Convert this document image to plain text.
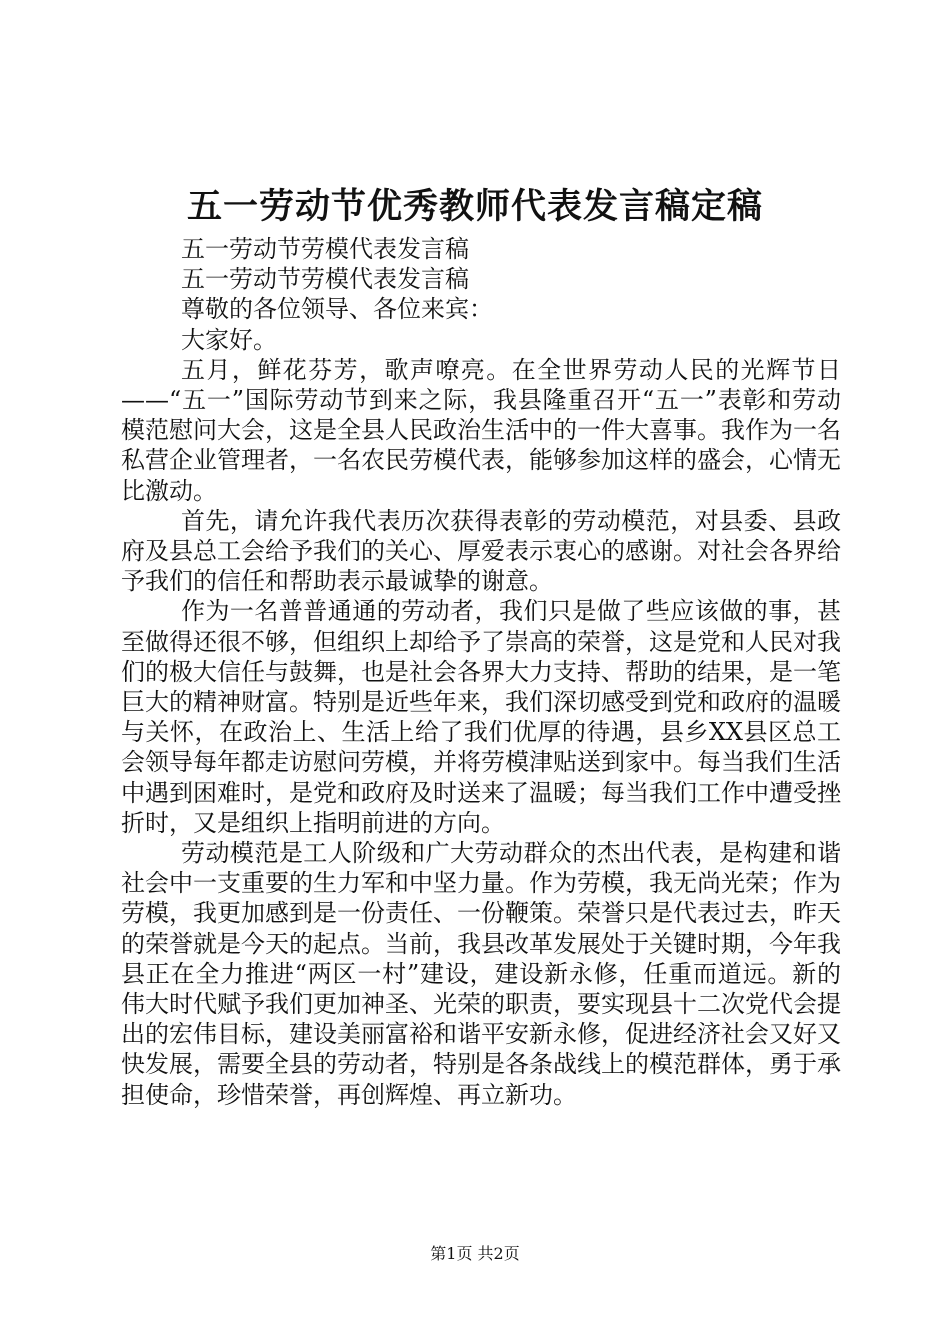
五一劳动节优秀教师代表发言稿定稿

五一劳动节劳模代表发言稿

五一劳动节劳模代表发言稿

尊敬的各位领导、各位来宾：

大家好。

五月，鲜花芬芳，歌声嘹亮。在全世界劳动人民的光辉节日——“五一”国际劳动节到来之际，我县隆重召开“五一”表彰和劳动模范慰问大会，这是全县人民政治生活中的一件大喜事。我作为一名私营企业管理者，一名农民劳模代表，能够参加这样的盛会，心情无比激动。

首先，请允许我代表历次获得表彰的劳动模范，对县委、县政府及县总工会给予我们的关心、厚爱表示衷心的感谢。对社会各界给予我们的信任和帮助表示最诚挚的谢意。

作为一名普普通通的劳动者，我们只是做了些应该做的事，甚至做得还很不够，但组织上却给予了崇高的荣誉，这是党和人民对我们的极大信任与鼓舞，也是社会各界大力支持、帮助的结果，是一笔巨大的精神财富。特别是近些年来，我们深切感受到党和政府的温暖与关怀，在政治上、生活上给了我们优厚的待遇，县乡XX县区总工会领导每年都走访慰问劳模，并将劳模津贴送到家中。每当我们生活中遇到困难时，是党和政府及时送来了温暖；每当我们工作中遭受挫折时，又是组织上指明前进的方向。

劳动模范是工人阶级和广大劳动群众的杰出代表，是构建和谐社会中一支重要的生力军和中坚力量。作为劳模，我无尚光荣；作为劳模，我更加感到是一份责任、一份鞭策。荣誉只是代表过去，昨天的荣誉就是今天的起点。当前，我县改革发展处于关键时期，今年我县正在全力推进“两区一村”建设，建设新永修，任重而道远。新的伟大时代赋予我们更加神圣、光荣的职责，要实现县十二次党代会提出的宏伟目标，建设美丽富裕和谐平安新永修，促进经济社会又好又快发展，需要全县的劳动者，特别是各条战线上的模范群体，勇于承担使命，珍惜荣誉，再创辉煌、再立新功。

第1页 共2页
